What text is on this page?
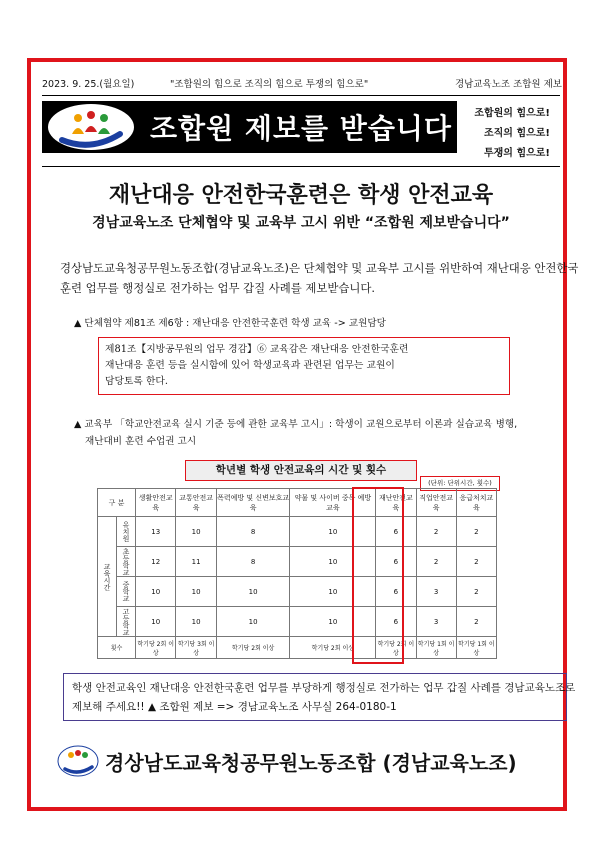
2023. 9. 25.(월요일)	"조합원의 힘으로 조직의 힘으로 투쟁의 힘으로"	경남교육노조 조합원 제보
조합원 제보를 받습니다 조합원의 힘으로!
조직의 힘으로!
투쟁의 힘으로!
재난대응 안전한국훈련은 학생 안전교육
경남교육노조 단체협약 및 교육부 고시 위반 “조합원 제보받습니다”
경상남도교육청공무원노동조합(경남교육노조)은 단체협약 및 교육부 고시를 위반하여 재난대응 안전한국
훈련 업무를 행정실로 전가하는 업무 갑질 사례를 제보받습니다.
▲ 단체협약 제81조 제6항 : 재난대응 안전한국훈련 학생 교육 -> 교원담당
제81조【지방공무원의 업무 경감】⑥ 교육감은 재난대응 안전한국훈련
재난대응 훈련 등을 실시함에 있어 학생교육과 관련된 업무는 교원이
담당토록 한다.
▲ 교육부 「학교안전교육 실시 기준 등에 관한 교육부 고시」: 학생이 교원으로부터 이론과 실습교육 병행,
재난대비 훈련 수업권 고시
학년별 학생 안전교육의 시간 및 횟수
(단위: 단위시간, 횟수)
구 분		생활안전교육	교통안전교육	폭력예방 및 신변보호교육	약물 및 사이버 중독 예방 교육	재난안전교육	직업안전교육	응급처치교육
교육시간	유치원	13	10	8	10	6	2	2
	초등학교	12	11	8	10	6	2	2
	중학교	10	10	10	10	6	3	2
	고등학교	10	10	10	10	6	3	2
횟수		학기당 2회 이상	학기당 3회 이상	학기당 2회 이상	학기당 2회 이상	학기당 2회 이상	학기당 1회 이상	학기당 1회 이상
학생 안전교육인 재난대응 안전한국훈련 업무를 부당하게 행정실로 전가하는 업무 갑질 사례를 경남교육노조로
제보해 주세요!! ▲ 조합원 제보 => 경남교육노조 사무실 264-0180-1
경상남도교육청공무원노동조합 (경남교육노조)
